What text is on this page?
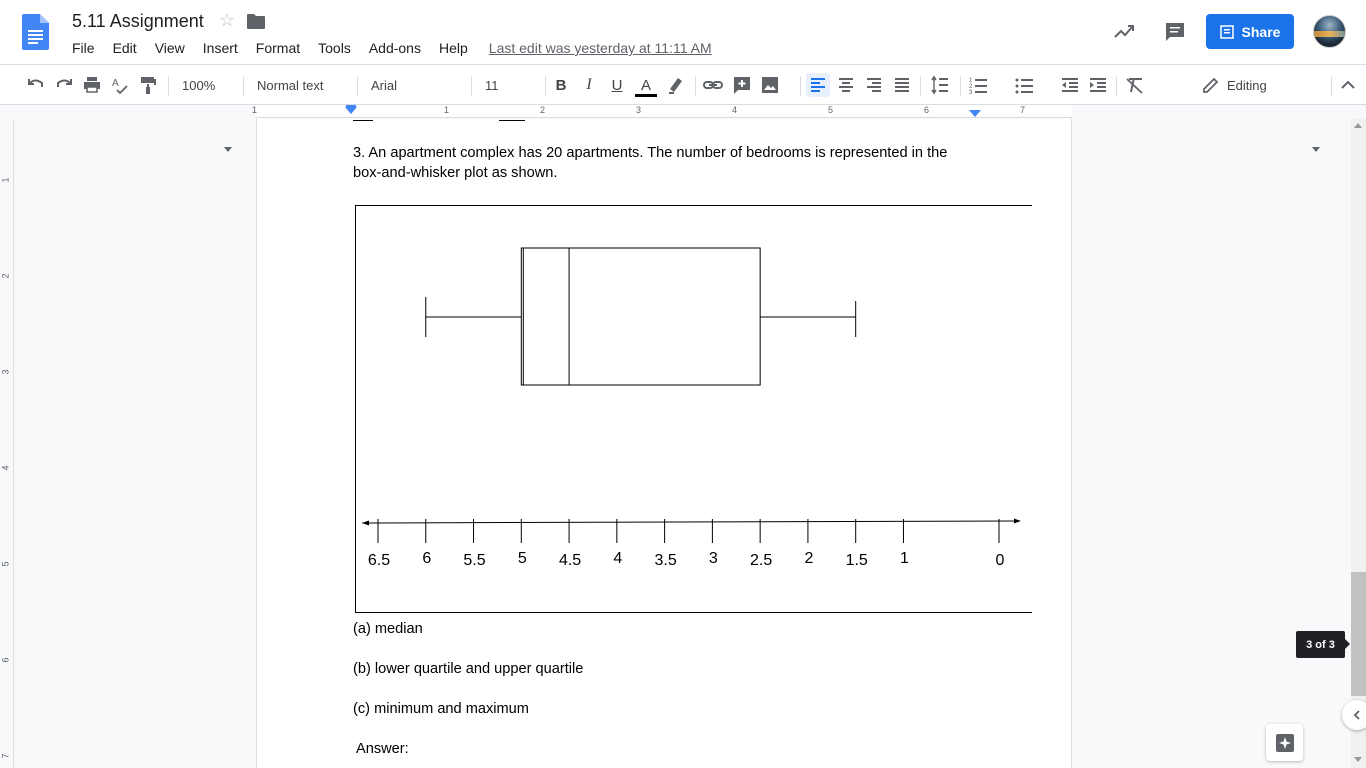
5.11 Assignment ☆
File	Edit	View	Insert	Format	Tools	Add-ons	Help	Last edit was yesterday at 11:11 AM
Share
A	100%	Normal text	Arial	11	B	I	U A	1
2
3
Editing
1	1	2	3	4	5	6	7
1
2
3
4
5
6
7
3. An apartment complex has 20 apartments. The number of bedrooms is represented in the
box-and-whisker plot as shown.
6.5 6 5.5 5 4.5 4 3.5 3 2.5 2 1.5 1	0
(a) median
(b) lower quartile and upper quartile
(c) minimum and maximum
Answer:
3 of 3
